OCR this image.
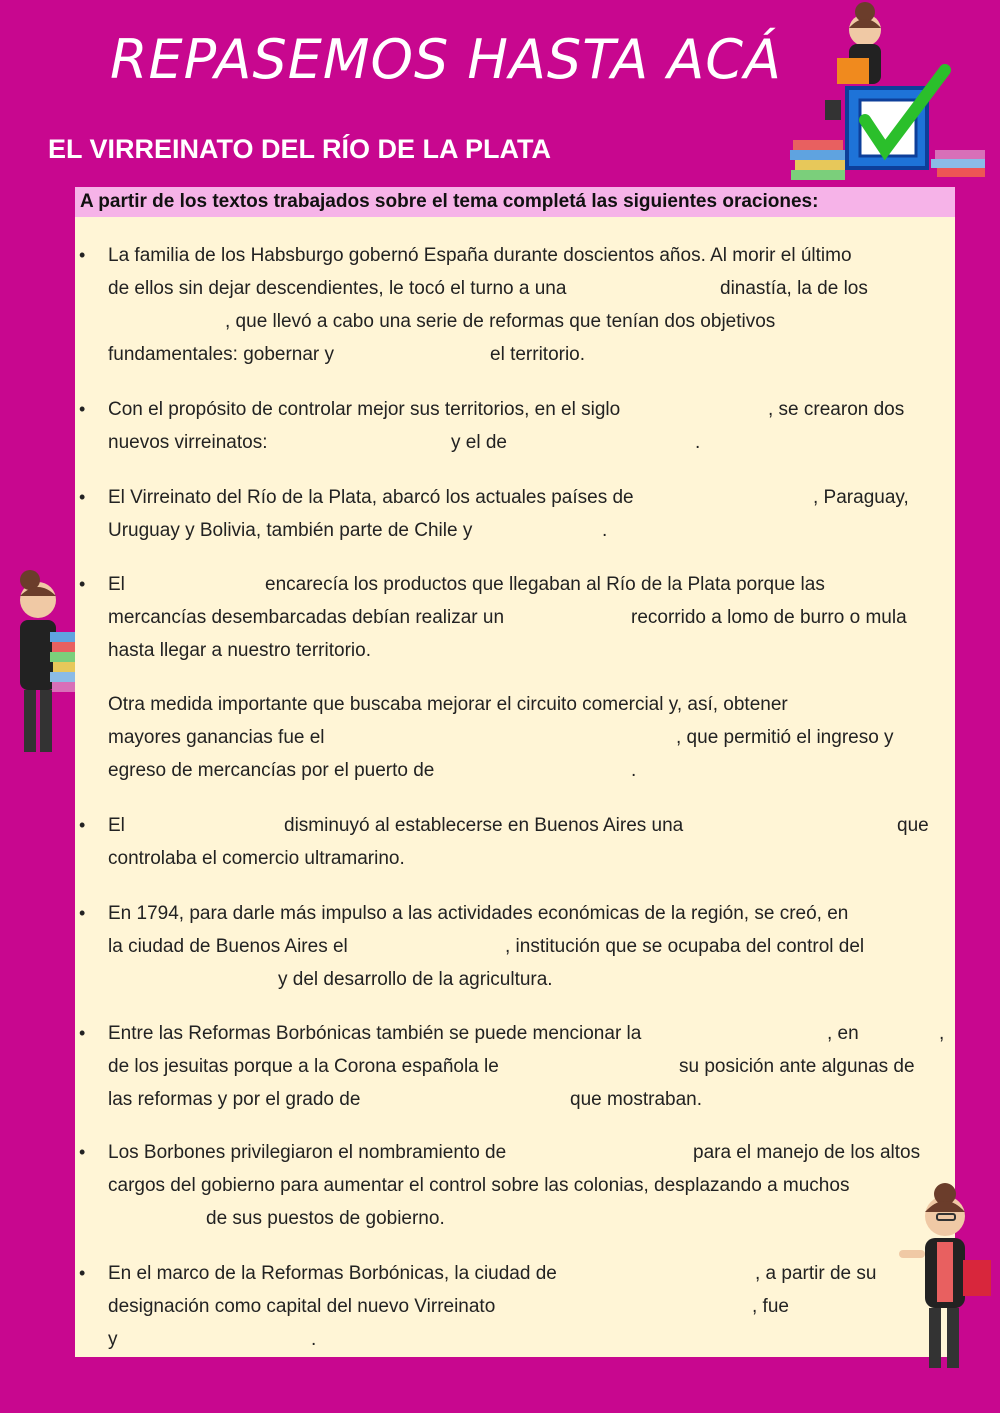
REPASEMOS HASTA ACÁ
EL VIRREINATO DEL RÍO DE LA PLATA
A partir de los textos trabajados sobre el tema completá las siguientes oraciones:
• La familia de los Habsburgo gobernó España durante doscientos años. Al morir el último
de ellos sin dejar descendientes, le tocó el turno a una	dinastía, la de los
, que llevó a cabo una serie de reformas que tenían dos objetivos
fundamentales: gobernar y	el territorio.
• Con el propósito de controlar mejor sus territorios, en el siglo	, se crearon dos
nuevos virreinatos:	y el de	.
• El Virreinato del Río de la Plata, abarcó los actuales países de	, Paraguay,
Uruguay y Bolivia, también parte de Chile y	.
• El	encarecía los productos que llegaban al Río de la Plata porque las
mercancías desembarcadas debían realizar un	recorrido a lomo de burro o mula
hasta llegar a nuestro territorio.
Otra medida importante que buscaba mejorar el circuito comercial y, así, obtener
mayores ganancias fue el	, que permitió el ingreso y
egreso de mercancías por el puerto de	.
• El	disminuyó al establecerse en Buenos Aires una	que
controlaba el comercio ultramarino.
• En 1794, para darle más impulso a las actividades económicas de la región, se creó, en
la ciudad de Buenos Aires el	, institución que se ocupaba del control del
y del desarrollo de la agricultura.
• Entre las Reformas Borbónicas también se puede mencionar la	, en	,
de los jesuitas porque a la Corona española le	su posición ante algunas de
las reformas y por el grado de	que mostraban.
• Los Borbones privilegiaron el nombramiento de	para el manejo de los altos
cargos del gobierno para aumentar el control sobre las colonias, desplazando a muchos
de sus puestos de gobierno.
• En el marco de la Reformas Borbónicas, la ciudad de	, a partir de su
designación como capital del nuevo Virreinato	, fue
y	.
